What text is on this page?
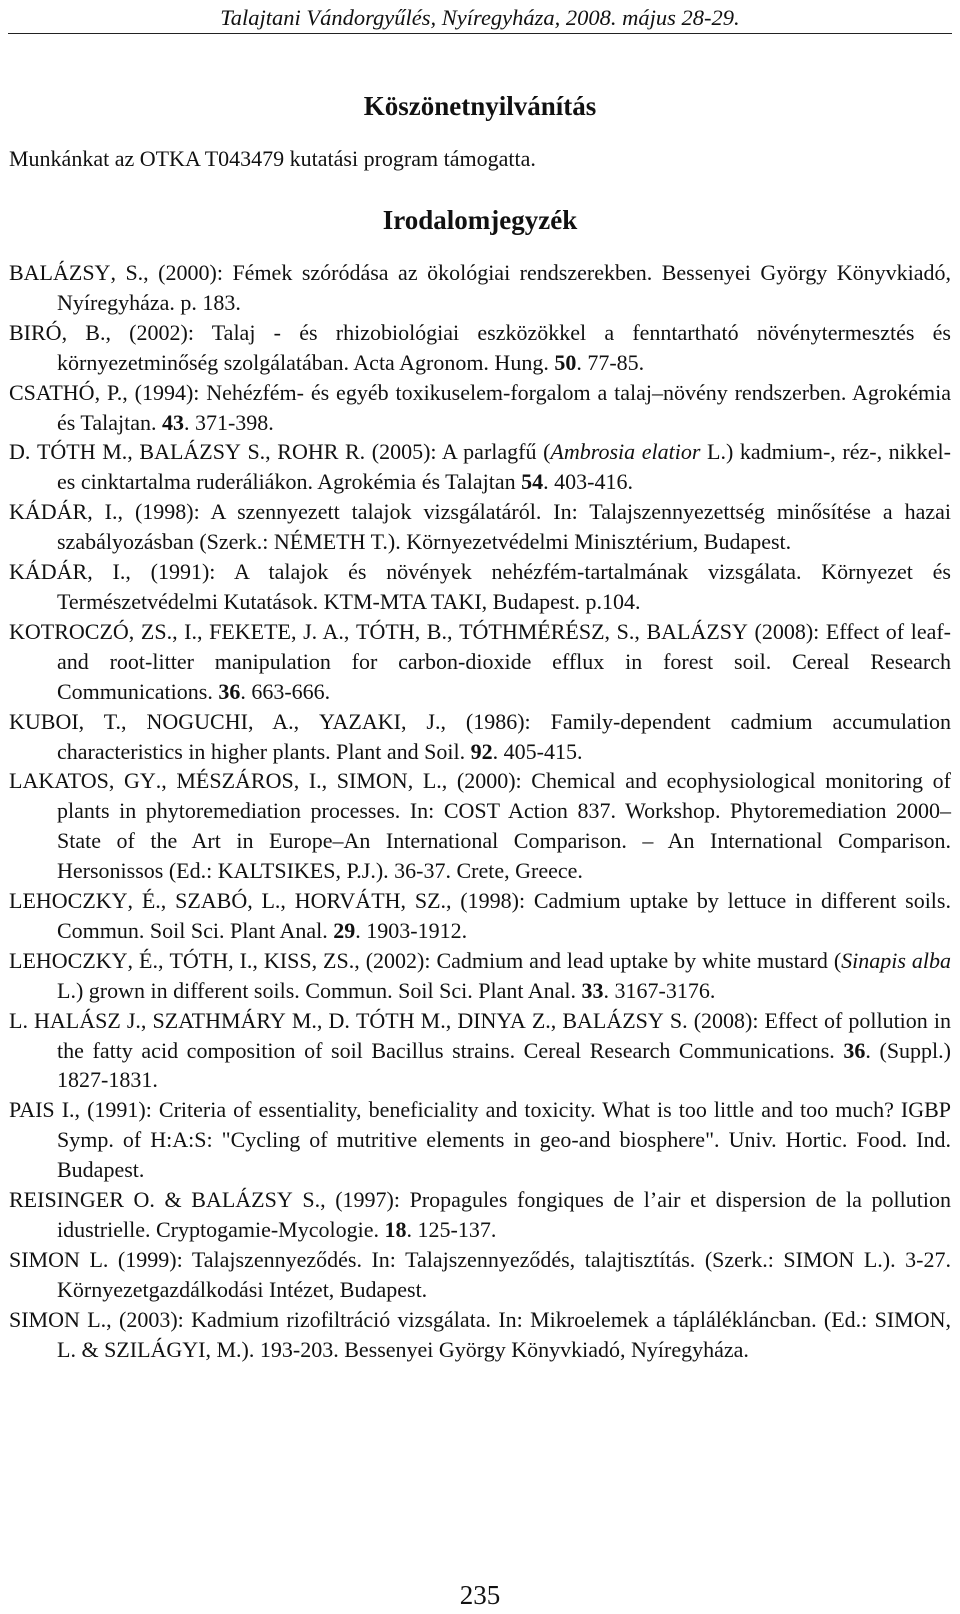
Talajtani Vándorgyűlés, Nyíregyháza, 2008. május 28-29.
Köszönetnyilvánítás
Munkánkat az OTKA T043479 kutatási program támogatta.
Irodalomjegyzék
BALÁZSY, S., (2000): Fémek szóródása az ökológiai rendszerekben. Bessenyei György Könyvkiadó, Nyíregyháza. p. 183.
BIRÓ, B., (2002): Talaj - és rhizobiológiai eszközökkel a fenntartható növénytermesztés és környezetminőség szolgálatában. Acta Agronom. Hung. 50. 77-85.
CSATHÓ, P., (1994): Nehézfém- és egyéb toxikuselem-forgalom a talaj–növény rendszerben. Agrokémia és Talajtan. 43. 371-398.
D. TÓTH M., BALÁZSY S., ROHR R. (2005): A parlagfű (Ambrosia elatior L.) kadmium-, réz-, nikkel- es cinktartalma ruderáliákon. Agrokémia és Talajtan 54. 403-416.
KÁDÁR, I., (1998): A szennyezett talajok vizsgálatáról. In: Talajszennyezettség minősítése a hazai szabályozásban (Szerk.: NÉMETH T.). Környezetvédelmi Minisztérium, Budapest.
KÁDÁR, I., (1991): A talajok és növények nehézfém-tartalmának vizsgálata. Környezet és Természetvédelmi Kutatások. KTM-MTA TAKI, Budapest. p.104.
KOTROCZÓ, ZS., I., FEKETE, J. A., TÓTH, B., TÓTHMÉRÉSZ, S., BALÁZSY (2008): Effect of leaf- and root-litter manipulation for carbon-dioxide efflux in forest soil. Cereal Research Communications. 36. 663-666.
KUBOI, T., NOGUCHI, A., YAZAKI, J., (1986): Family-dependent cadmium accumulation characteristics in higher plants. Plant and Soil. 92. 405-415.
LAKATOS, GY., MÉSZÁROS, I., SIMON, L., (2000): Chemical and ecophysiological monitoring of plants in phytoremediation processes. In: COST Action 837. Workshop. Phytoremediation 2000–State of the Art in Europe–An International Comparison. – An International Comparison. Hersonissos (Ed.: KALTSIKES, P.J.). 36-37. Crete, Greece.
LEHOCZKY, É., SZABÓ, L., HORVÁTH, SZ., (1998): Cadmium uptake by lettuce in different soils. Commun. Soil Sci. Plant Anal. 29. 1903-1912.
LEHOCZKY, É., TÓTH, I., KISS, ZS., (2002): Cadmium and lead uptake by white mustard (Sinapis alba L.) grown in different soils. Commun. Soil Sci. Plant Anal. 33. 3167-3176.
L. HALÁSZ J., SZATHMÁRY M., D. TÓTH M., DINYA Z., BALÁZSY S. (2008): Effect of pollution in the fatty acid composition of soil Bacillus strains. Cereal Research Communications. 36. (Suppl.) 1827-1831.
PAIS I., (1991): Criteria of essentiality, beneficiality and toxicity. What is too little and too much? IGBP Symp. of H:A:S: "Cycling of mutritive elements in geo-and biosphere". Univ. Hortic. Food. Ind. Budapest.
REISINGER O. & BALÁZSY S., (1997): Propagules fongiques de l’air et dispersion de la pollution idustrielle. Cryptogamie-Mycologie. 18. 125-137.
SIMON L. (1999): Talajszennyeződés. In: Talajszennyeződés, talajtisztítás. (Szerk.: SIMON L.). 3-27. Környezetgazdálkodási Intézet, Budapest.
SIMON L., (2003): Kadmium rizofiltráció vizsgálata. In: Mikroelemek a táplálékláncban. (Ed.: SIMON, L. & SZILÁGYI, M.). 193-203. Bessenyei György Könyvkiadó, Nyíregyháza.
235
